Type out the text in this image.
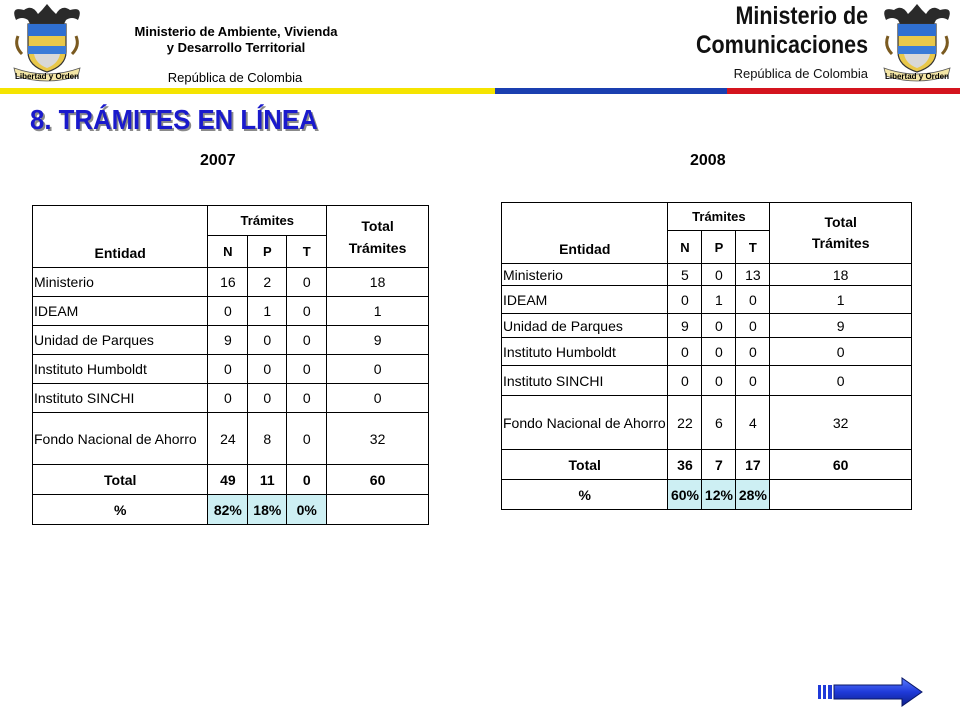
Libertad y Orden
Ministerio de Ambiente, Vivienda
y Desarrollo Territorial
República de Colombia
Ministerio de
Comunicaciones
República de Colombia	Libertad y Orden
8. TRÁMITES EN LÍNEA
2007	2008
Entidad	Trámites			Total
Trámites

	N	P	T	
Ministerio	16	2	0	18
IDEAM	0	1	0	1
Unidad de Parques	9	0	0	9
Instituto Humboldt	0	0	0	0
Instituto SINCHI	0	0	0	0

Fondo Nacional de Ahorro	24	8	0	32
Total	49	11	0	60
%	82%	18%	0%	
Entidad	Trámites			Total
Trámites

	N	P	T	
Ministerio	5	0	13	18
IDEAM	0	1	0	1
Unidad de Parques	9	0	0	9
Instituto Humboldt	0	0	0	0
Instituto SINCHI	0	0	0	0

Fondo Nacional de Ahorro	22	6	4	32
Total	36	7	17	60
%	60%	12%	28%	
